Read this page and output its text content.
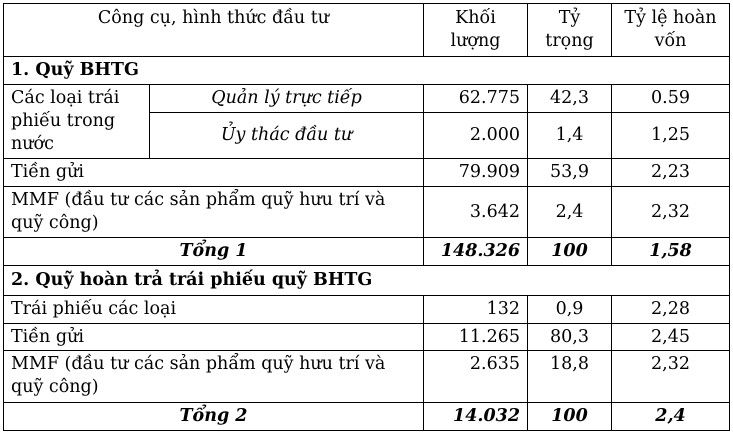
Công cụ, hình thức đầu tư		Khối lượng	Tỷ trọng	Tỷ lệ hoàn vốn
1. Quỹ BHTG				
Các loại trái phiếu trong nước	Quản lý trực tiếp	62.775	42,3	0.59
	Ủy thác đầu tư	2.000	1,4	1,25
Tiền gửi		79.909	53,9	2,23
MMF (đầu tư các sản phẩm quỹ hưu trí và quỹ công)		3.642	2,4	2,32
Tổng 1		148.326	100	1,58
2. Quỹ hoàn trả trái phiếu quỹ BHTG				
Trái phiếu các loại		132	0,9	2,28
Tiền gửi		11.265	80,3	2,45
MMF (đầu tư các sản phẩm quỹ hưu trí và quỹ công)		2.635	18,8	2,32
Tổng 2		14.032	100	2,4
